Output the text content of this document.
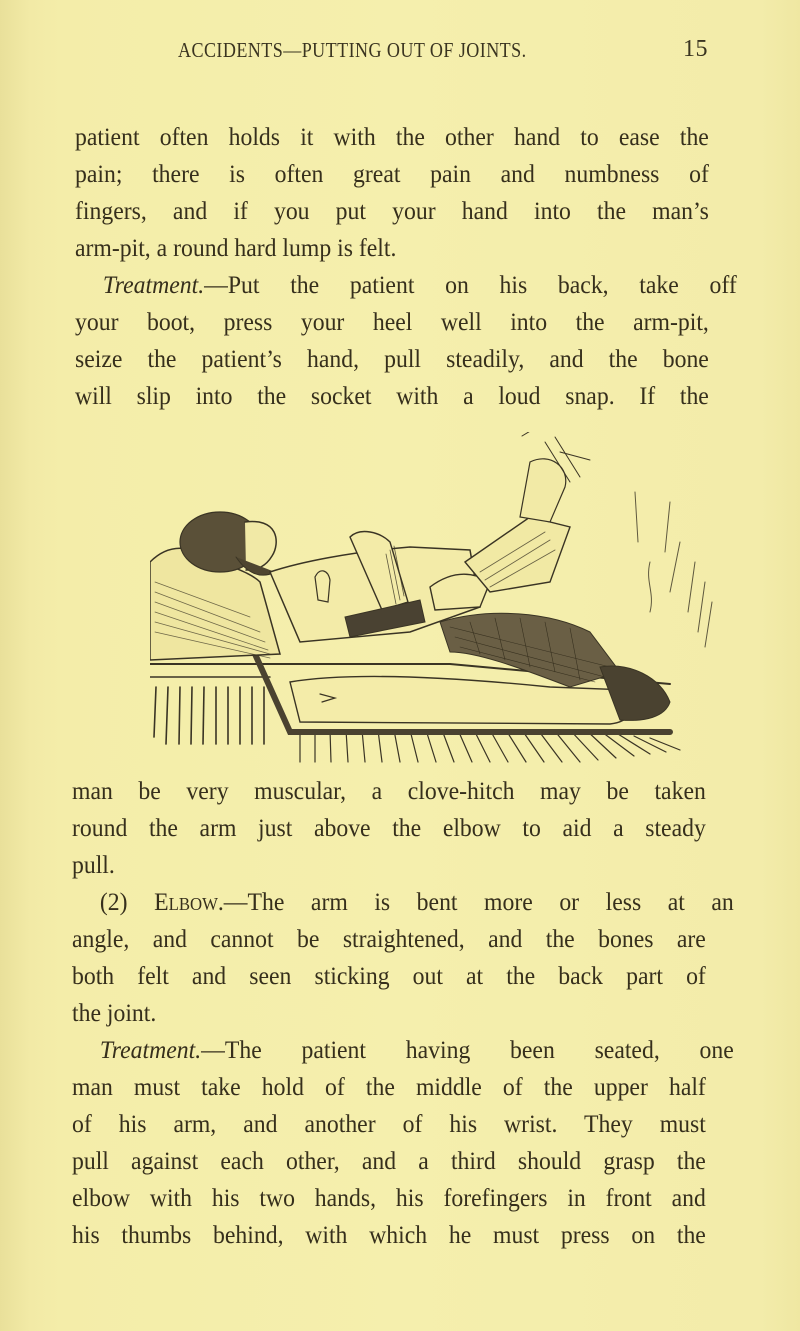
ACCIDENTS—PUTTING OUT OF JOINTS.	15
patient often holds it with the other hand to ease the
pain; there is often great pain and numbness of
fingers, and if you put your hand into the man’s
arm-pit, a round hard lump is felt.
Treatment.—Put the patient on his back, take off
your boot, press your heel well into the arm-pit,
seize the patient’s hand, pull steadily, and the bone
will slip into the socket with a loud snap. If the
man be very muscular, a clove-hitch may be taken
round the arm just above the elbow to aid a steady
pull.
(2) Elbow.—The arm is bent more or less at an
angle, and cannot be straightened, and the bones are
both felt and seen sticking out at the back part of
the joint.
Treatment.—The patient having been seated, one
man must take hold of the middle of the upper half
of his arm, and another of his wrist. They must
pull against each other, and a third should grasp the
elbow with his two hands, his forefingers in front and
his thumbs behind, with which he must press on the
